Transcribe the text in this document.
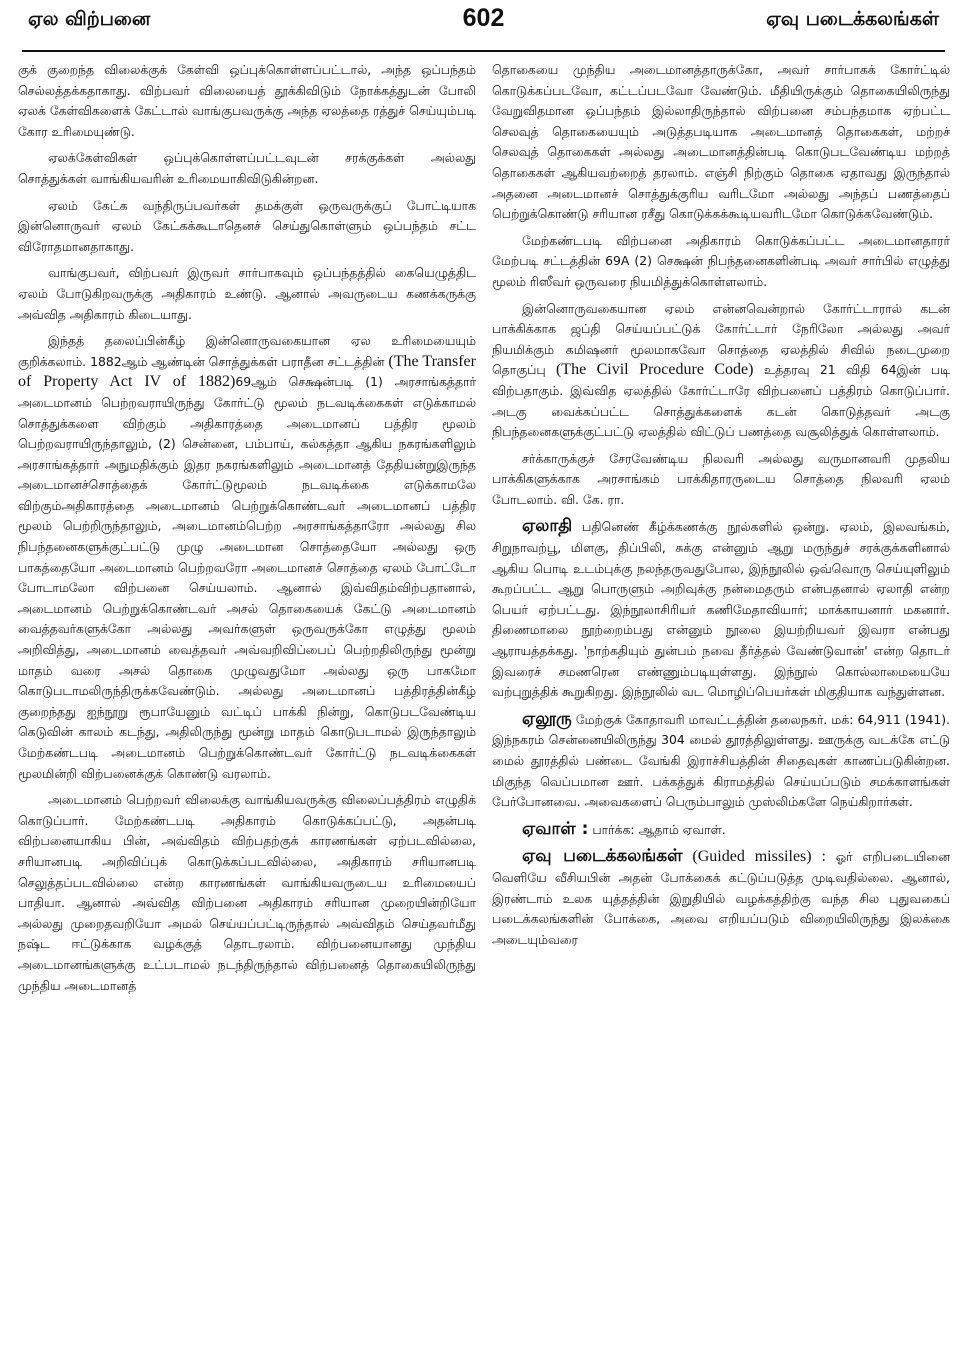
ஏல விற்பனை	602	ஏவு படைக்கலங்கள்

குக் குறைந்த விலைக்குக் கேள்வி ஒப்புக்கொள்ளப்பட்டால், அந்த ஒப்பந்தம் செல்லத்தக்கதாகாது. விற்பவர் விலையைத் தூக்கிவிடும் நோக்கத்துடன் போலி ஏலக் கேள்விகளைக் கேட்டால் வாங்குபவருக்கு அந்த ஏலத்தை ரத்துச் செய்யும்படி கோர உரிமையுண்டு.

ஏலக்கேள்விகள் ஒப்புக்கொள்ளப்பட்டவுடன் சரக்குக்கள் அல்லது சொத்துக்கள் வாங்கியவரின் உரிமையாகிவிடுகின்றன.

ஏலம் கேட்க வந்திருப்பவர்கள் தமக்குள் ஒருவருக்குப் போட்டியாக இன்னொருவர் ஏலம் கேட்கக்கூடாதெனச் செய்துகொள்ளும் ஒப்பந்தம் சட்ட விரோதமானதாகாது.

வாங்குபவர், விற்பவர் இருவர் சார்பாகவும் ஒப்பந்தத்தில் கையெழுத்திட ஏலம் போடுகிறவருக்கு அதிகாரம் உண்டு. ஆனால் அவருடைய கணக்கருக்கு அவ்வித அதிகாரம் கிடையாது.

இந்தத் தலைப்பின்கீழ் இன்னொருவகையான ஏல உரிமையையும் குறிக்கலாம். 1882ஆம் ஆண்டின் சொத்துக்கள் பராதீன சட்டத்தின் (The Transfer of Property Act IV of 1882)69ஆம் செக்ஷன்படி (1) அரசாங்கத்தார் அடைமானம் பெற்றவராயிருந்து கோர்ட்டு மூலம் நடவடிக்கைகள் எடுக்காமல் சொத்துக்களை விற்கும் அதிகாரத்தை அடைமானப் பத்திர மூலம் பெற்றவராயிருந்தாலும், (2) சென்னை, பம்பாய், கல்கத்தா ஆகிய நகரங்களிலும் அரசாங்கத்தார் அநுமதிக்கும் இதர நகரங்களிலும் அடைமானத் தேதியன்றுஇருந்த அடைமானச்சொத்தைக் கோர்ட்டுமூலம் நடவடிக்கை எடுக்காமலே விற்கும்அதிகாரத்தை அடைமானம் பெற்றுக்கொண்டவர் அடைமானப் பத்திர மூலம் பெற்றிருந்தாலும், அடைமானம்பெற்ற அரசாங்கத்தாரோ அல்லது சில நிபந்தனைகளுக்குட்பட்டு முழு அடைமான சொத்தையோ அல்லது ஒரு பாகத்தையோ அடைமானம் பெற்றவரோ அடைமானச் சொத்தை ஏலம் போட்டோ போடாமலோ விற்பனை செய்யலாம். ஆனால் இவ்விதம்விற்பதானால், அடைமானம் பெற்றுக்கொண்டவர் அசல் தொகையைக் கேட்டு அடைமானம் வைத்தவர்களுக்கோ அல்லது அவர்களுள் ஒருவருக்கோ எழுத்து மூலம் அறிவித்து, அடைமானம் வைத்தவர் அவ்வறிவிப்பைப் பெற்றதிலிருந்து மூன்று மாதம் வரை அசல் தொகை முழுவதுமோ அல்லது ஒரு பாகமோ கொடுபடாமலிருந்திருக்கவேண்டும். அல்லது அடைமானப் பத்திரத்தின்கீழ் குறைந்தது ஐந்நூறு ரூபாயேனும் வட்டிப் பாக்கி நின்று, கொடுபடவேண்டிய கெடுவின் காலம் கடந்து, அதிலிருந்து மூன்று மாதம் கொடுபடாமல் இருந்தாலும் மேற்கண்டபடி அடைமானம் பெற்றுக்கொண்டவர் கோர்ட்டு நடவடிக்கைகள் மூலமின்றி விற்பனைக்குக் கொண்டு வரலாம்.

அடைமானம் பெற்றவர் விலைக்கு வாங்கியவருக்கு விலைப்பத்திரம் எழுதிக் கொடுப்பார். மேற்கண்டபடி அதிகாரம் கொடுக்கப்பட்டு, அதன்படி விற்பனையாகிய பின், அவ்விதம் விற்பதற்குக் காரணங்கள் ஏற்படவில்லை, சரியானபடி அறிவிப்புக் கொடுக்கப்படவில்லை, அதிகாரம் சரியானபடி செலுத்தப்படவில்லை என்ற காரணங்கள் வாங்கியவருடைய உரிமையைப் பாதியா. ஆனால் அவ்வித விற்பனை அதிகாரம் சரியான முறையின்றியோ அல்லது முறைதவறியோ அமல் செய்யப்பட்டிருந்தால் அவ்விதம் செய்தவர்மீது நஷ்ட ஈட்டுக்காக வழக்குத் தொடரலாம். விற்பனையானது முந்திய அடைமானங்களுக்கு உட்படாமல் நடந்திருந்தால் விற்பனைத் தொகையிலிருந்து முந்திய அடைமானத்

தொகையை முந்திய அடைமானத்தாருக்கோ, அவர் சார்பாகக் கோர்ட்டில் கொடுக்கப்படவோ, கட்டப்படவோ வேண்டும். மீதியிருக்கும் தொகையிலிருந்து வேறுவிதமான ஒப்பந்தம் இல்லாதிருந்தால் விற்பனை சம்பந்தமாக ஏற்பட்ட செலவுத் தொகையையும் அடுத்தபடியாக அடைமானத் தொகைகள், மற்றச் செலவுத் தொகைகள் அல்லது அடைமானத்தின்படி கொடுபடவேண்டிய மற்றத் தொகைகள் ஆகியவற்றைத் தரலாம். எஞ்சி நிற்கும் தொகை ஏதாவது இருந்தால் அதனை அடைமானச் சொத்துக்குரிய வரிடமோ அல்லது அந்தப் பணத்தைப் பெற்றுக்கொண்டு சரியான ரசீது கொடுக்கக்கூடியவரிடமோ கொடுக்கவேண்டும்.

மேற்கண்டபடி விற்பனை அதிகாரம் கொடுக்கப்பட்ட அடைமானதாரர் மேற்படி சட்டத்தின் 69A (2) செக்ஷன் நிபந்தனைகளின்படி அவர் சார்பில் எழுத்து மூலம் ரிஸீவர் ஒருவரை நியமித்துக்கொள்ளலாம்.

இன்னொருவகையான ஏலம் என்னவென்றால் கோர்ட்டாரால் கடன் பாக்கிக்காக ஜப்தி செய்யப்பட்டுக் கோர்ட்டார் நேரிலோ அல்லது அவர் நியமிக்கும் கமிஷனர் மூலமாகவோ சொத்தை ஏலத்தில் சிவில் நடைமுறை தொகுப்பு (The Civil Procedure Code) உத்தரவு 21 விதி 64இன் படி விற்பதாகும். இவ்வித ஏலத்தில் கோர்ட்டாரே விற்பனைப் பத்திரம் கொடுப்பார். அடகு வைக்கப்பட்ட சொத்துக்களைக் கடன் கொடுத்தவர் அடகு நிபந்தனைகளுக்குட்பட்டு ஏலத்தில் விட்டுப் பணத்தை வசூலித்துக் கொள்ளலாம்.

சர்க்காருக்குச் சேரவேண்டிய நிலவரி அல்லது வருமானவரி முதலிய பாக்கிகளுக்காக அரசாங்கம் பாக்கிதாரருடைய சொத்தை நிலவரி ஏலம் போடலாம். வி. கே. ரா.

ஏலாதி பதினெண் கீழ்க்கணக்கு நூல்களில் ஒன்று. ஏலம், இலவங்கம், சிறுநாவற்பூ, மிளகு, திப்பிலி, சுக்கு என்னும் ஆறு மருந்துச் சரக்குக்களினால் ஆகிய பொடி உடம்புக்கு நலந்தருவதுபோல, இந்நூலில் ஒவ்வொரு செய்யுளிலும் கூறப்பட்ட ஆறு பொருளும் அறிவுக்கு நன்மைதரும் என்பதனால் ஏலாதி என்ற பெயர் ஏற்பட்டது. இந்நூலாசிரியர் கணிமேதாவியார்; மாக்காயனார் மகனார். திணைமாலை நூற்றைம்பது என்னும் நூலை இயற்றியவர் இவரா என்பது ஆராயத்தக்கது. 'நாற்கதியும் துன்பம் நவை தீர்த்தல் வேண்டுவான்' என்ற தொடர் இவரைச் சமணரென எண்ணும்படியுள்ளது. இந்நூல் கொல்லாமையையே வற்புறுத்திக் கூறுகிறது. இந்நூலில் வட மொழிப்பெயர்கள் மிகுதியாக வந்துள்ளன.

ஏலூரு மேற்குக் கோதாவரி மாவட்டத்தின் தலைநகர். மக்: 64,911 (1941). இந்நகரம் சென்னையிலிருந்து 304 மைல் தூரத்திலுள்ளது. ஊருக்கு வடக்கே எட்டு மைல் தூரத்தில் பண்டை வேங்கி இராச்சியத்தின் சிதைவுகள் காணப்படுகின்றன. மிகுந்த வெப்பமான ஊர். பக்கத்துக் கிராமத்தில் செய்யப்படும் சமக்காளங்கள் பேர்போனவை. அவைகளைப் பெரும்பாலும் முஸ்லிம்களே நெய்கிறார்கள்.

ஏவாள் : பார்க்க: ஆதாம் ஏவாள்.

ஏவு படைக்கலங்கள் (Guided missiles) : ஓர் எறிபடையினை வெளியே வீசியபின் அதன் போக்கைக் கட்டுப்படுத்த முடிவதில்லை. ஆனால், இரண்டாம் உலக யுத்தத்தின் இறுதியில் வழக்கத்திற்கு வந்த சில புதுவகைப் படைக்கலங்களின் போக்கை, அவை எறியப்படும் விறையிலிருந்து இலக்கை அடையும்வரை
